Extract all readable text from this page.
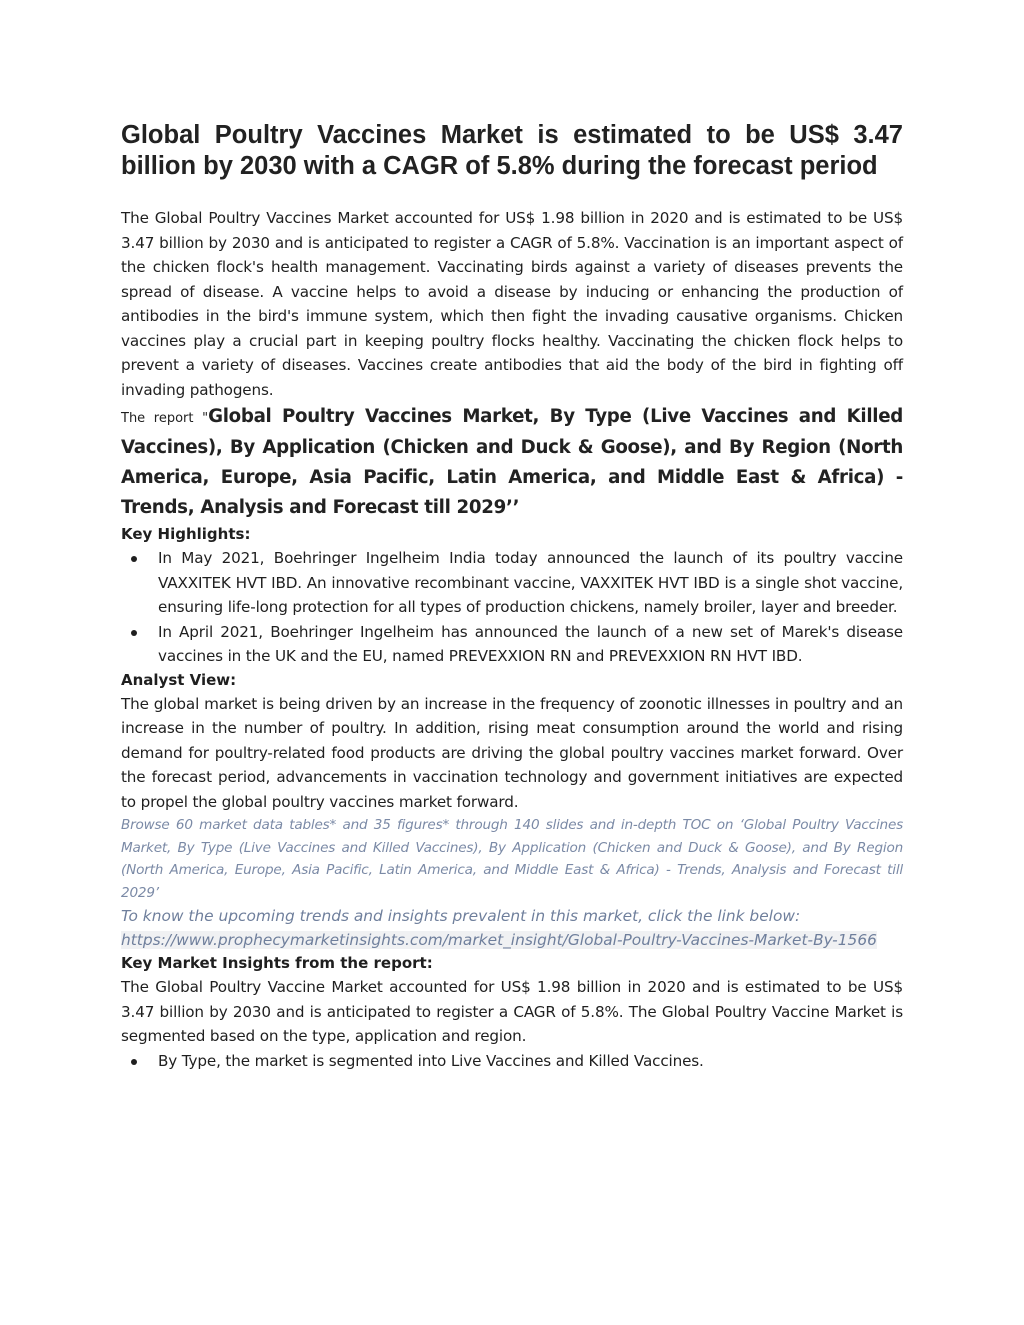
Global Poultry Vaccines Market is estimated to be US$ 3.47 billion by 2030 with a CAGR of 5.8% during the forecast period

The Global Poultry Vaccines Market accounted for US$ 1.98 billion in 2020 and is estimated to be US$ 3.47 billion by 2030 and is anticipated to register a CAGR of 5.8%. Vaccination is an important aspect of the chicken flock's health management. Vaccinating birds against a variety of diseases prevents the spread of disease. A vaccine helps to avoid a disease by inducing or enhancing the production of antibodies in the bird's immune system, which then fight the invading causative organisms. Chicken vaccines play a crucial part in keeping poultry flocks healthy. Vaccinating the chicken flock helps to prevent a variety of diseases. Vaccines create antibodies that aid the body of the bird in fighting off invading pathogens.

The report "Global Poultry Vaccines Market, By Type (Live Vaccines and Killed Vaccines), By Application (Chicken and Duck & Goose), and By Region (North America, Europe, Asia Pacific, Latin America, and Middle East & Africa) - Trends, Analysis and Forecast till 2029’’

Key Highlights:
In May 2021, Boehringer Ingelheim India today announced the launch of its poultry vaccine VAXXITEK HVT IBD. An innovative recombinant vaccine, VAXXITEK HVT IBD is a single shot vaccine, ensuring life-long protection for all types of production chickens, namely broiler, layer and breeder.
In April 2021, Boehringer Ingelheim has announced the launch of a new set of Marek's disease vaccines in the UK and the EU, named PREVEXXION RN and PREVEXXION RN HVT IBD.
Analyst View:

The global market is being driven by an increase in the frequency of zoonotic illnesses in poultry and an increase in the number of poultry. In addition, rising meat consumption around the world and rising demand for poultry-related food products are driving the global poultry vaccines market forward. Over the forecast period, advancements in vaccination technology and government initiatives are expected to propel the global poultry vaccines market forward.

Browse 60 market data tables* and 35 figures* through 140 slides and in-depth TOC on ‘Global Poultry Vaccines Market, By Type (Live Vaccines and Killed Vaccines), By Application (Chicken and Duck & Goose), and By Region (North America, Europe, Asia Pacific, Latin America, and Middle East & Africa) - Trends, Analysis and Forecast till 2029’

To know the upcoming trends and insights prevalent in this market, click the link below:

https://www.prophecymarketinsights.com/market_insight/Global-Poultry-Vaccines-Market-By-1566

Key Market Insights from the report:

The Global Poultry Vaccine Market accounted for US$ 1.98 billion in 2020 and is estimated to be US$ 3.47 billion by 2030 and is anticipated to register a CAGR of 5.8%. The Global Poultry Vaccine Market is segmented based on the type, application and region.

By Type, the market is segmented into Live Vaccines and Killed Vaccines.
